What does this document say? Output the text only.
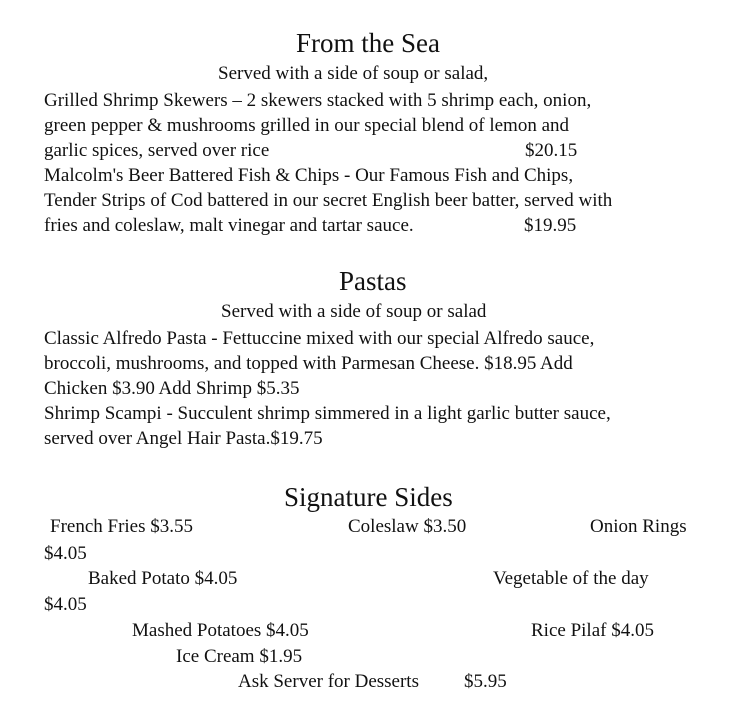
From the Sea
Served with a side of soup or salad,
Grilled Shrimp Skewers – 2 skewers stacked with 5 shrimp each, onion,
green pepper & mushrooms grilled in our special blend of lemon and
garlic spices, served over rice	$20.15
Malcolm's Beer Battered Fish & Chips - Our Famous Fish and Chips,
Tender Strips of Cod battered in our secret English beer batter, served with
fries and coleslaw, malt vinegar and tartar sauce.	$19.95
Pastas
Served with a side of soup or salad
Classic Alfredo Pasta - Fettuccine mixed with our special Alfredo sauce,
broccoli, mushrooms, and topped with Parmesan Cheese. $18.95 Add
Chicken $3.90 Add Shrimp $5.35
Shrimp Scampi - Succulent shrimp simmered in a light garlic butter sauce,
served over Angel Hair Pasta.$19.75
Signature Sides
French Fries $3.55	Coleslaw $3.50	Onion Rings
$4.05
Baked Potato $4.05	Vegetable of the day
$4.05
Mashed Potatoes $4.05	Rice Pilaf $4.05
Ice Cream $1.95
Ask Server for Desserts $5.95
